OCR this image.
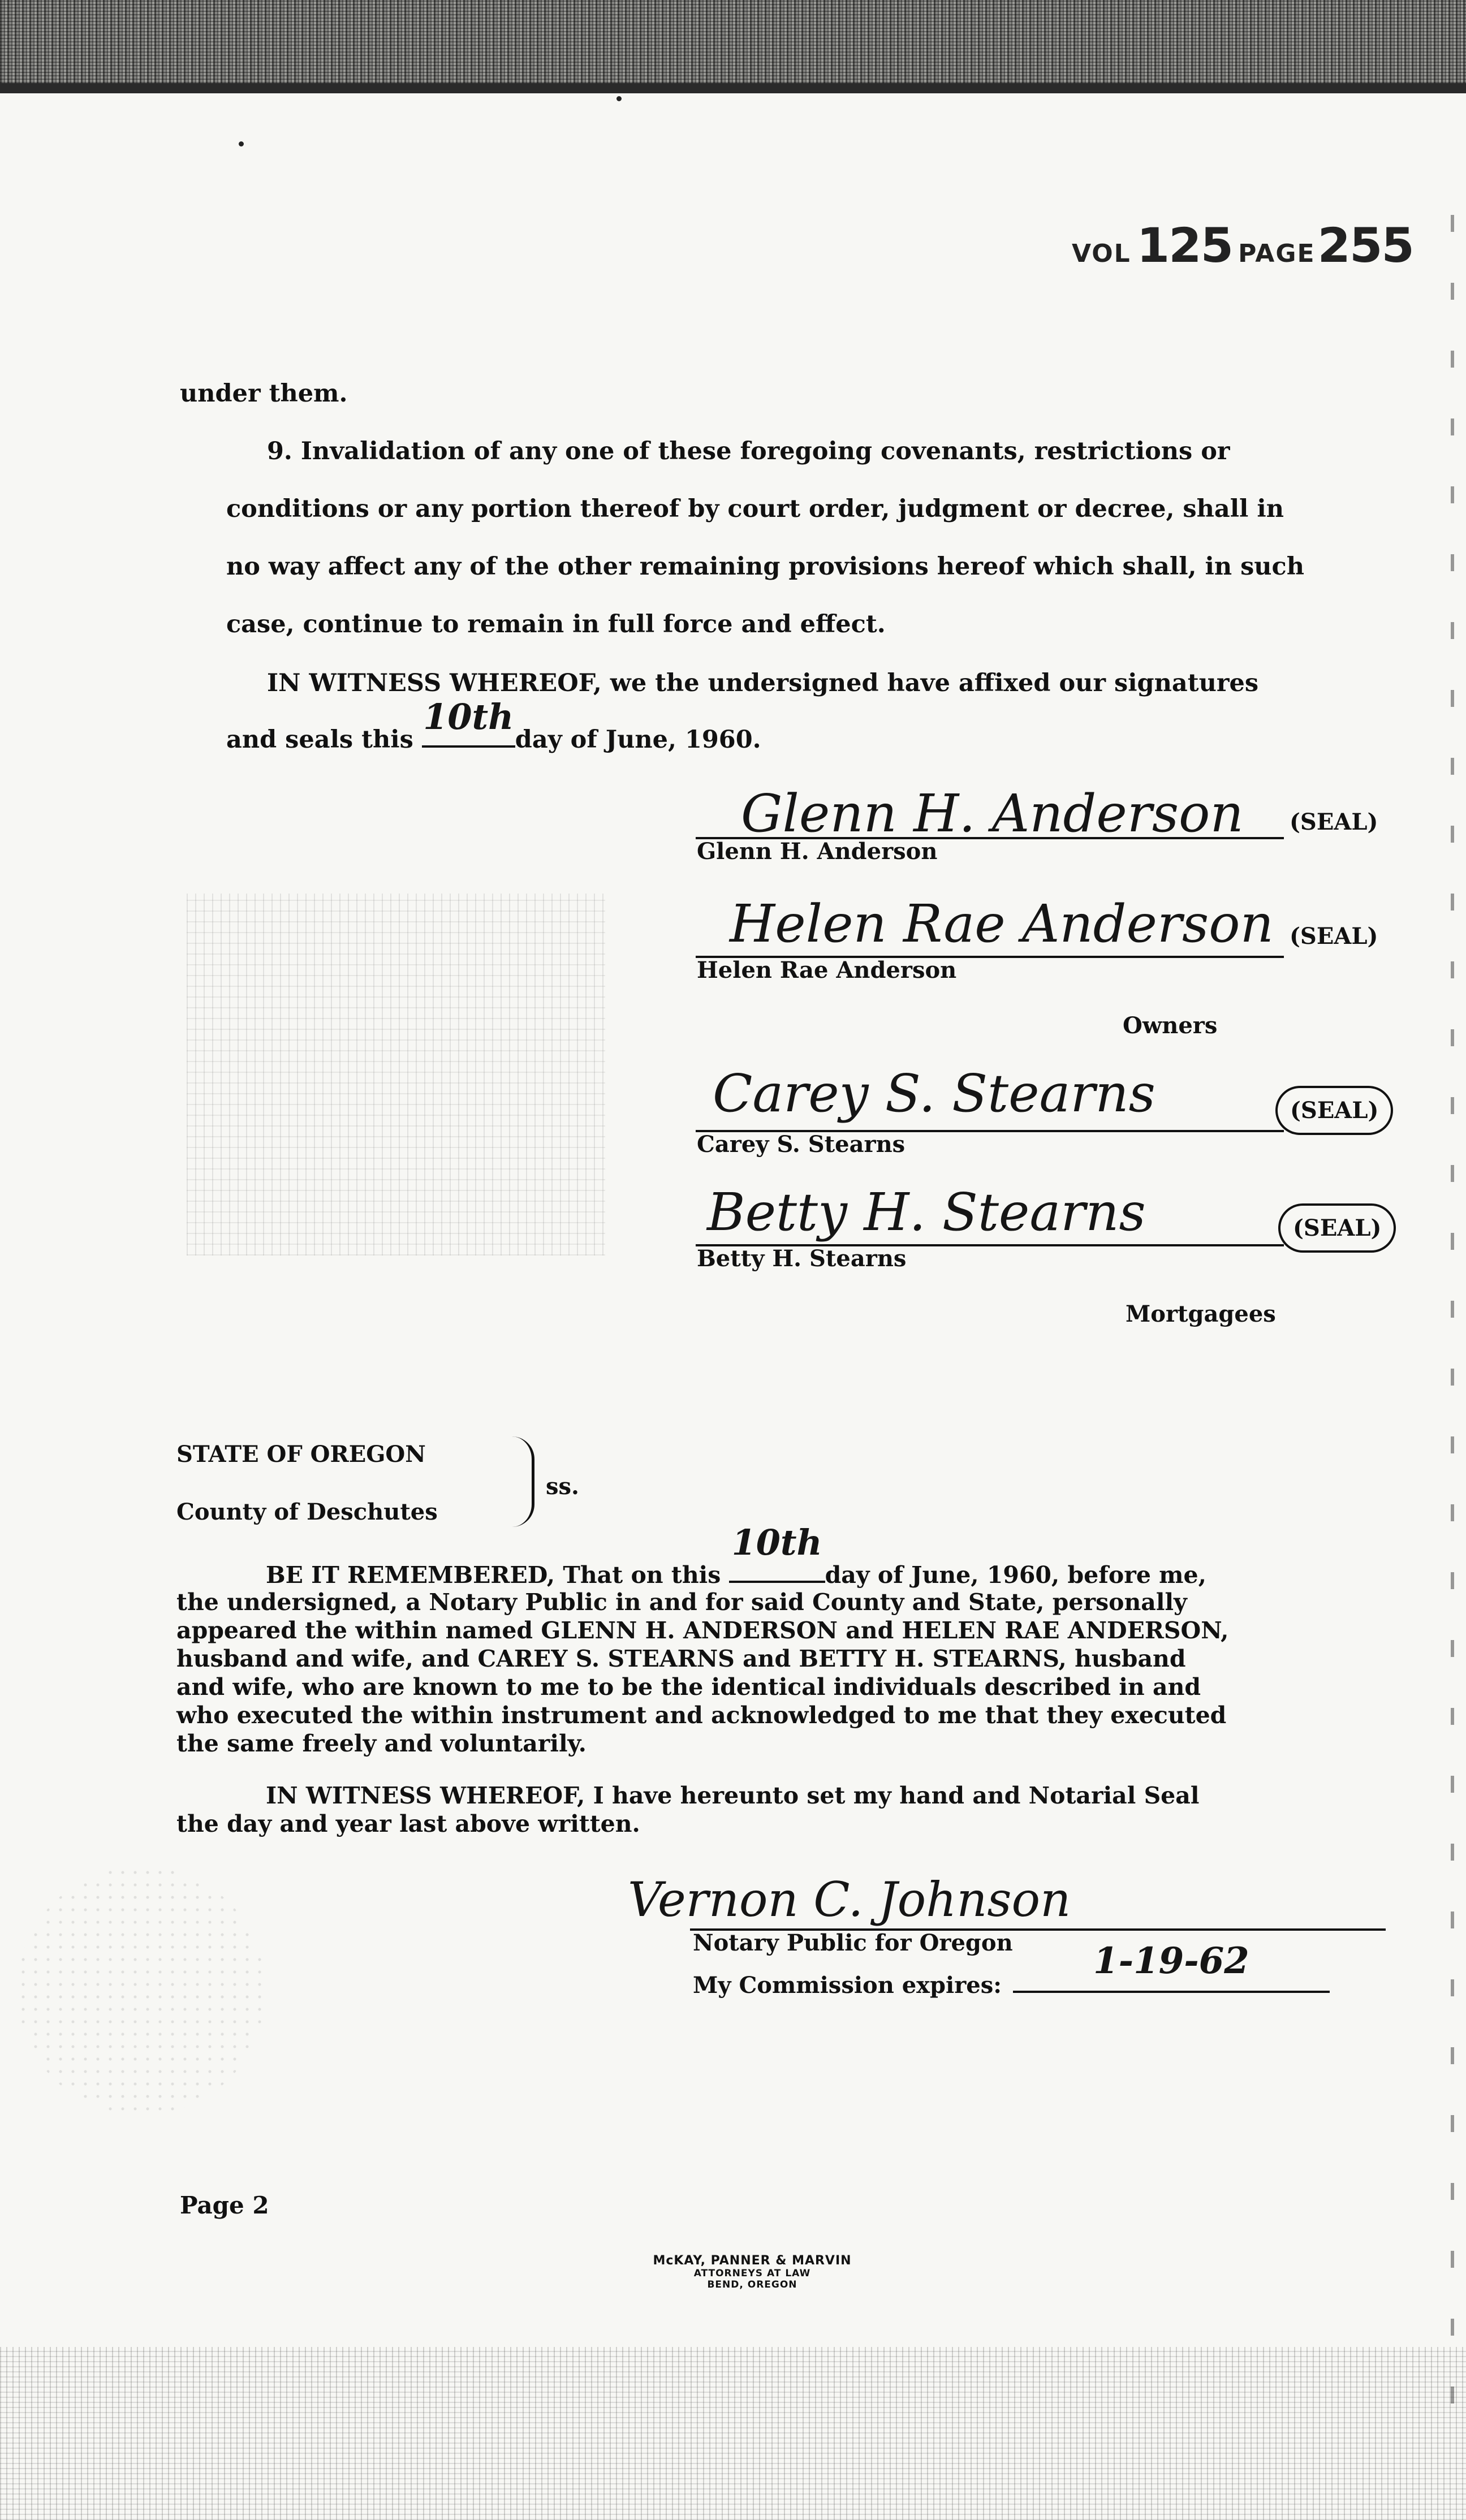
VOL 125 PAGE255
under them.
9. Invalidation of any one of these foregoing covenants, restrictions or
conditions or any portion thereof by court order, judgment or decree, shall in
no way affect any of the other remaining provisions hereof which shall, in such
case, continue to remain in full force and effect.
IN WITNESS WHEREOF, we the undersigned have affixed our signatures
and seals this
10th
day of June, 1960.
Glenn H. Anderson
Glenn H. Anderson
(SEAL)
Helen Rae Anderson
Helen Rae Anderson
(SEAL)
Owners
Carey S. Stearns
Carey S. Stearns
(SEAL)
Betty H. Stearns
Betty H. Stearns
(SEAL)
Mortgagees
STATE OF OREGON
County of Deschutes
ss.
BE IT REMEMBERED, That on this
10th
day of June, 1960, before me,
the undersigned, a Notary Public in and for said County and State, personally
appeared the within named GLENN H. ANDERSON and HELEN RAE ANDERSON,
husband and wife, and CAREY S. STEARNS and BETTY H. STEARNS, husband
and wife, who are known to me to be the identical individuals described in and
who executed the within instrument and acknowledged to me that they executed
the same freely and voluntarily.
IN WITNESS WHEREOF, I have hereunto set my hand and Notarial Seal
the day and year last above written.
Vernon C. Johnson
Notary Public for Oregon
My Commission expires:
1-19-62
Page 2
McKAY, PANNER & MARVIN
ATTORNEYS AT LAW
BEND, OREGON
